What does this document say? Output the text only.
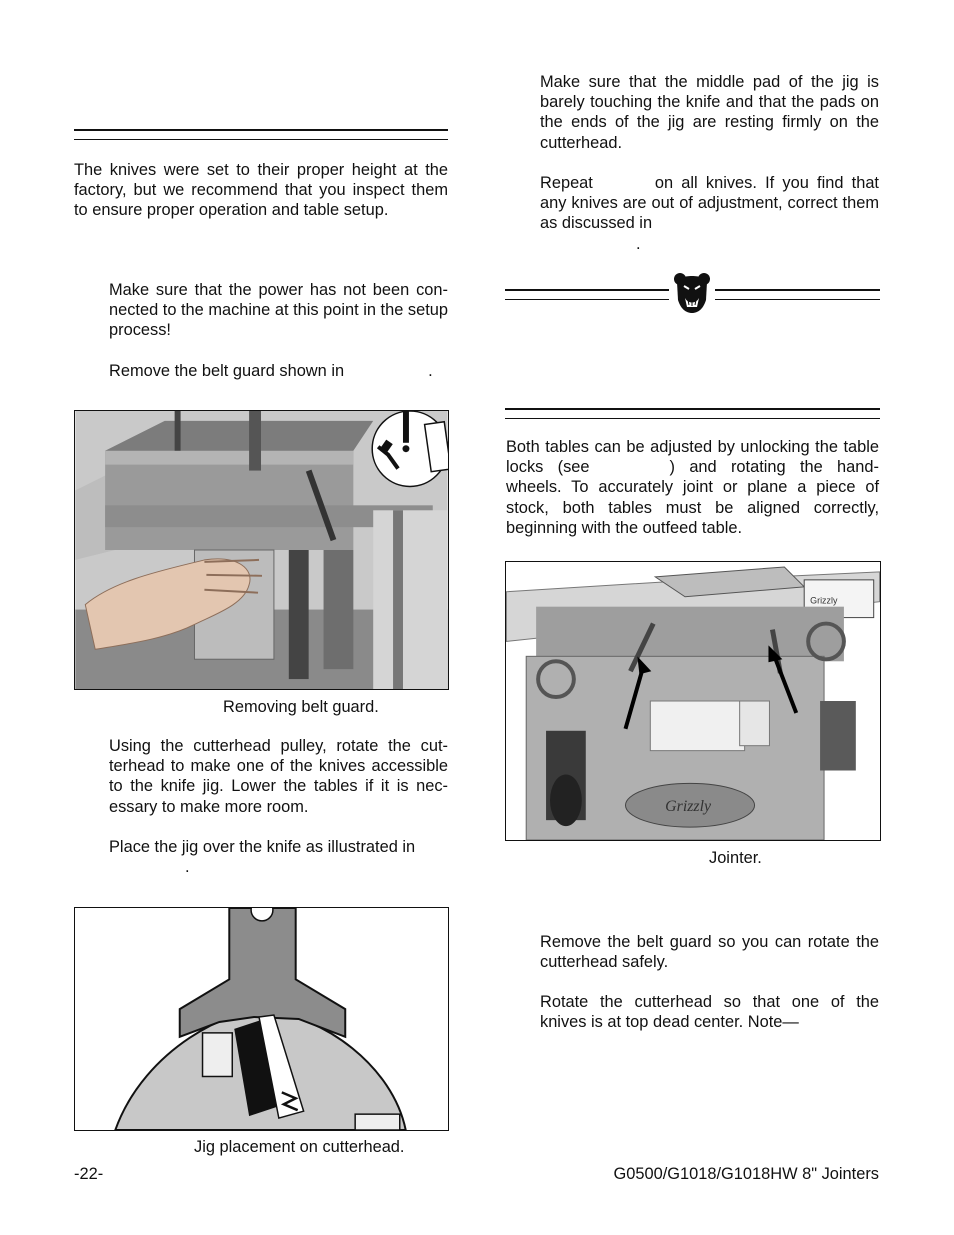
The knives were set to their proper height at the factory, but we recommend that you inspect them to ensure proper operation and table setup.

Make sure that the power has not been con-nected to the machine at this point in the setup process!

Remove the belt guard shown in	.

Removing belt guard.

Using the cutterhead pulley, rotate the cut-terhead to make one of the knives accessible to the knife jig. Lower the tables if it is nec-essary to make more room.

Place the jig over the knife as illustrated in
.

Jig placement on cutterhead.

Make sure that the middle pad of the jig is barely touching the knife and that the pads on the ends of the jig are resting firmly on the cutterhead.

Repeat	on all knives. If you find that any knives are out of adjustment, correct them as discussed in
.

Both tables can be adjusted by unlocking the table locks (see	) and rotating the hand-wheels. To accurately joint or plane a piece of stock, both tables must be aligned correctly, beginning with the outfeed table.

Grizzly
Grizzly
Jointer.

Remove the belt guard so you can rotate the cutterhead safely.

Rotate the cutterhead so that one of the knives is at top dead center. Note—

-22-	G0500/G1018/G1018HW 8" Jointers
